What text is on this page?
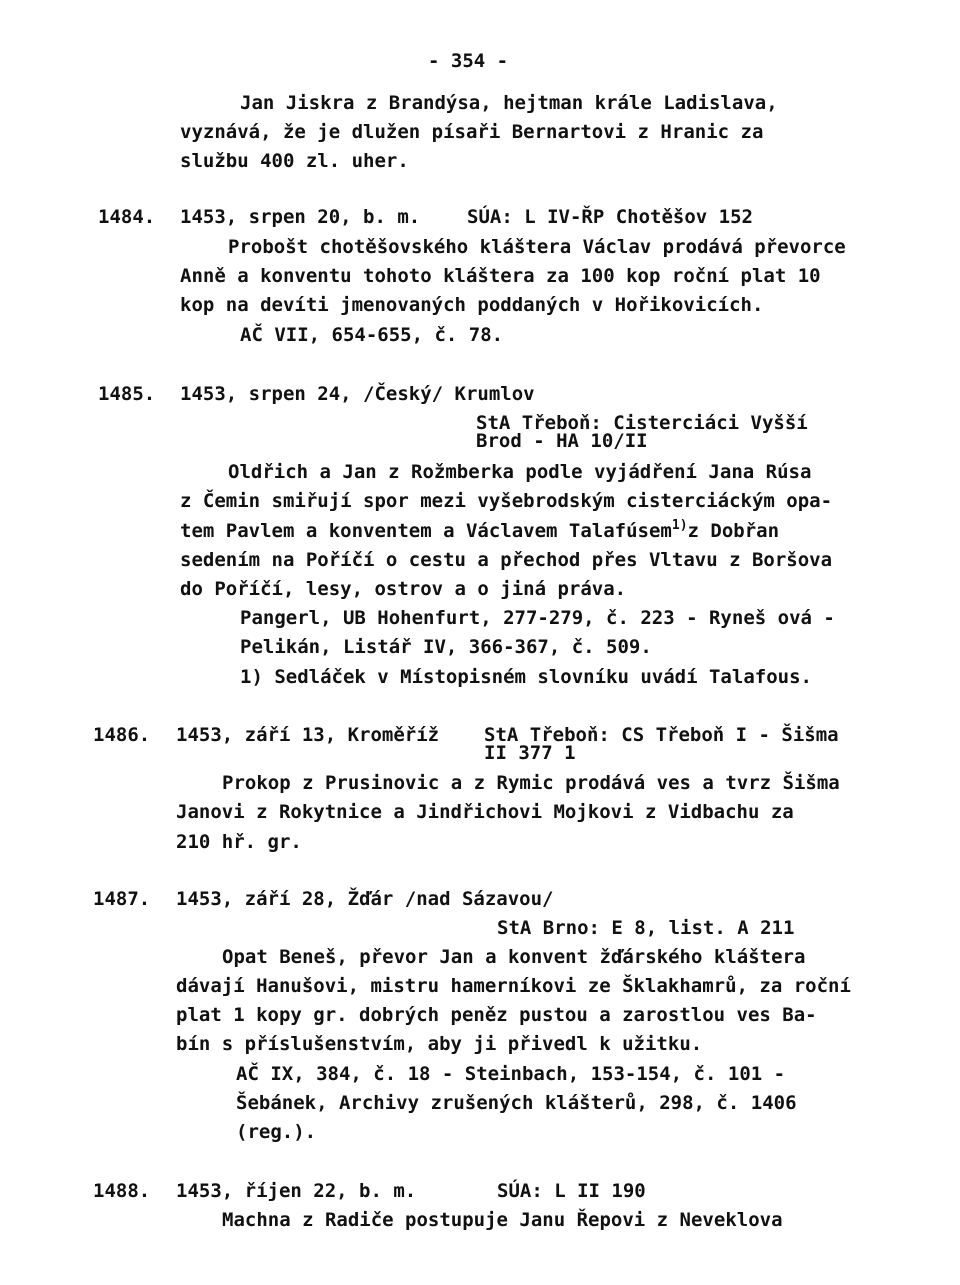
- 354 -
Jan Jiskra z Brandýsa, hejtman krále Ladislava,
vyznává, že je dlužen písaři Bernartovi z Hranic za
službu 400 zl. uher.
1484. 1453, srpen 20, b. m. SÚA: L IV-ŘP Chotěšov 152
Probošt chotěšovského kláštera Václav prodává převorce
Anně a konventu tohoto kláštera za 100 kop roční plat 10
kop na devíti jmenovaných poddaných v Hořikovicích.
AČ VII, 654-655, č. 78.
1485. 1453, srpen 24, /Český/ Krumlov
StA Třeboň: Cisterciáci Vyšší
Brod - HA 10/II
Oldřich a Jan z Rožmberka podle vyjádření Jana Rúsa
z Čemin smiřují spor mezi vyšebrodským cisterciáckým opa-
tem Pavlem a konventem a Václavem Talafúsem$^{1)}$z Dobřan
sedením na Poříčí o cestu a přechod přes Vltavu z Boršova
do Poříčí, lesy, ostrov a o jiná práva.
Pangerl, UB Hohenfurt, 277-279, č. 223 - Ryneš ová -
Pelikán, Listář IV, 366-367, č. 509.
1) Sedláček v Místopisném slovníku uvádí Talafous.
1486. 1453, září 13, Kroměříž StA Třeboň: CS Třeboň I - Šišma
II 377 1
Prokop z Prusinovic a z Rymic prodává ves a tvrz Šišma
Janovi z Rokytnice a Jindřichovi Mojkovi z Vidbachu za
210 hř. gr.
1487. 1453, září 28, Žďár /nad Sázavou/
StA Brno: E 8, list. A 211
Opat Beneš, převor Jan a konvent žďárského kláštera
dávají Hanušovi, mistru hamerníkovi ze Šklakhamrů, za roční
plat 1 kopy gr. dobrých peněz pustou a zarostlou ves Ba-
bín s příslušenstvím, aby ji přivedl k užitku.
AČ IX, 384, č. 18 - Steinbach, 153-154, č. 101 -
Šebánek, Archivy zrušených klášterů, 298, č. 1406
(reg.).
1488. 1453, říjen 22, b. m.	SÚA: L II 190
Machna z Radiče postupuje Janu Řepovi z Neveklova
